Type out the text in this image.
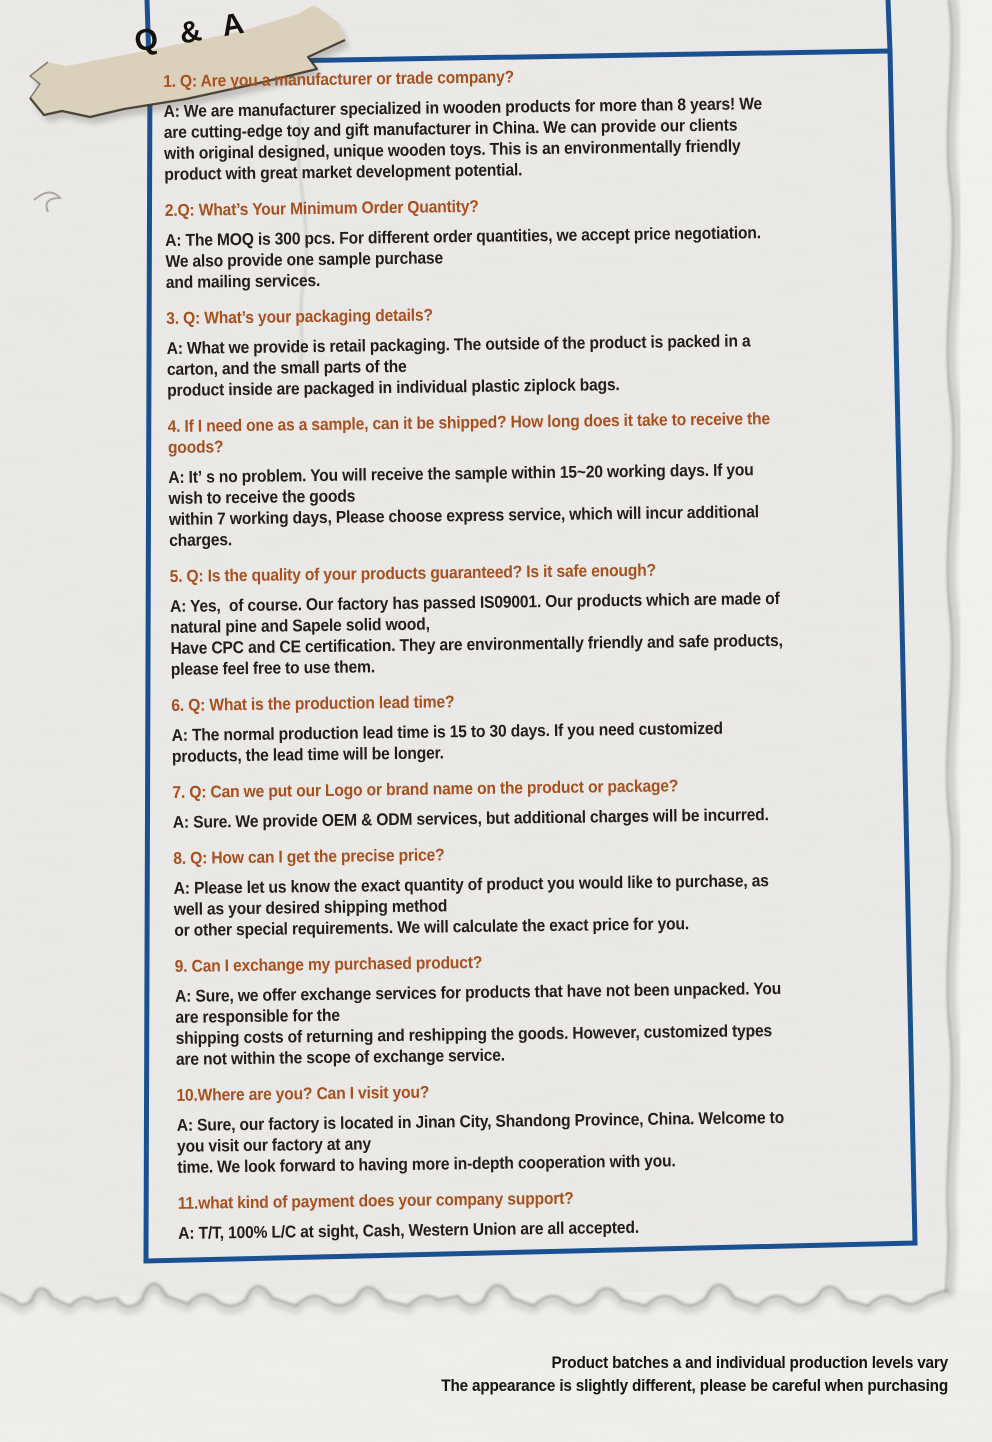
Q & A
1. Q: Are you a manufacturer or trade company?
A: We are manufacturer specialized in wooden products for more than 8 years! We
are cutting-edge toy and gift manufacturer in China. We can provide our clients
with original designed, unique wooden toys. This is an environmentally friendly
product with great market development potential.
2.Q: What’s Your Minimum Order Quantity?
A: The MOQ is 300 pcs. For different order quantities, we accept price negotiation.
We also provide one sample purchase
and mailing services.
3. Q: What’s your packaging details?
A: What we provide is retail packaging. The outside of the product is packed in a
carton, and the small parts of the
product inside are packaged in individual plastic ziplock bags.
4. If I need one as a sample, can it be shipped? How long does it take to receive the
goods?
A: It’ s no problem. You will receive the sample within 15~20 working days. If you
wish to receive the goods
within 7 working days, Please choose express service, which will incur additional
charges.
5. Q: Is the quality of your products guaranteed? Is it safe enough?
A: Yes,  of course. Our factory has passed IS09001. Our products which are made of
natural pine and Sapele solid wood,
Have CPC and CE certification. They are environmentally friendly and safe products,
please feel free to use them.
6. Q: What is the production lead time?
A: The normal production lead time is 15 to 30 days. If you need customized
products, the lead time will be longer.
7. Q: Can we put our Logo or brand name on the product or package?
A: Sure. We provide OEM & ODM services, but additional charges will be incurred.
8. Q: How can I get the precise price?
A: Please let us know the exact quantity of product you would like to purchase, as
well as your desired shipping method
or other special requirements. We will calculate the exact price for you.
9. Can I exchange my purchased product?
A: Sure, we offer exchange services for products that have not been unpacked. You
are responsible for the
shipping costs of returning and reshipping the goods. However, customized types
are not within the scope of exchange service.
10.Where are you? Can I visit you?
A: Sure, our factory is located in Jinan City, Shandong Province, China. Welcome to
you visit our factory at any
time. We look forward to having more in-depth cooperation with you.
11.what kind of payment does your company support?
A: T/T, 100% L/C at sight, Cash, Western Union are all accepted.
Product batches a and individual production levels vary
The appearance is slightly different, please be careful when purchasing
